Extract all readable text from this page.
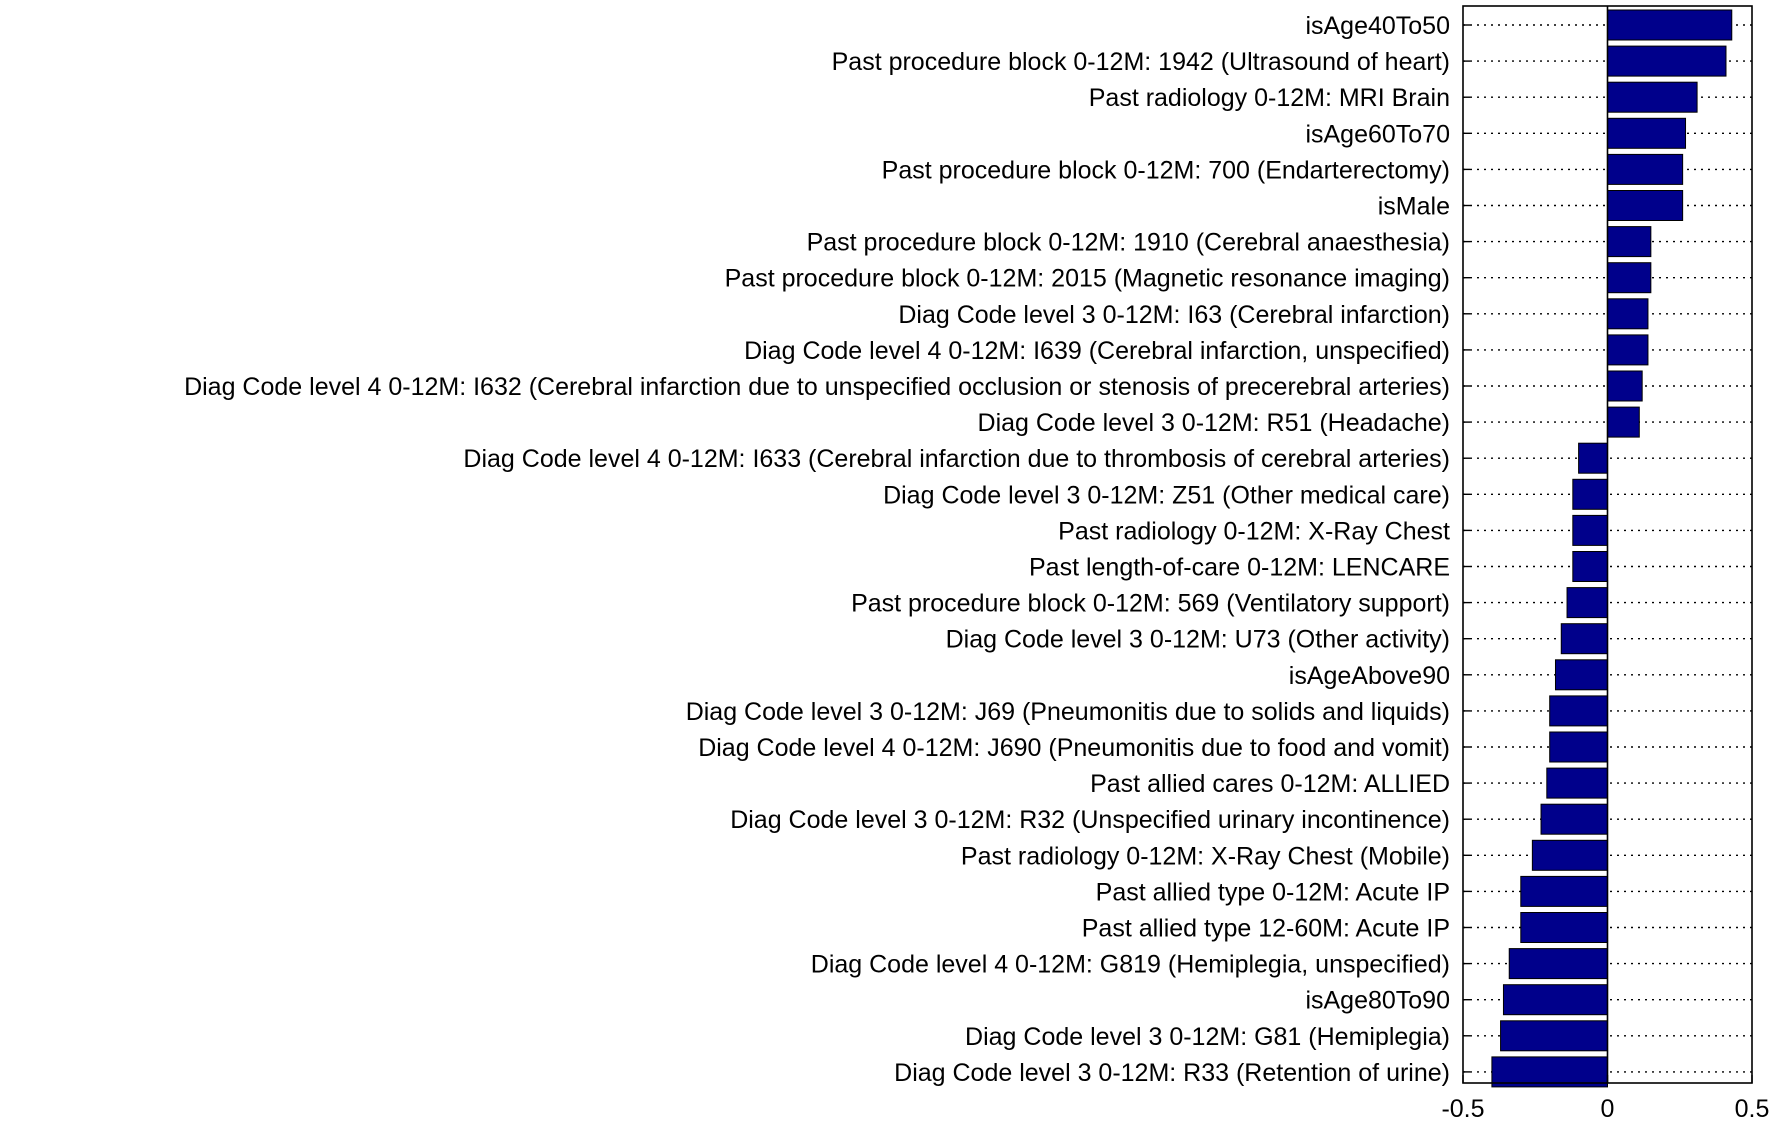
isAge40To50
Past procedure block 0-12M: 1942 (Ultrasound of heart)
Past radiology 0-12M: MRI Brain
isAge60To70
Past procedure block 0-12M: 700 (Endarterectomy)
isMale
Past procedure block 0-12M: 1910 (Cerebral anaesthesia)
Past procedure block 0-12M: 2015 (Magnetic resonance imaging)
Diag Code level 3 0-12M: I63 (Cerebral infarction)
Diag Code level 4 0-12M: I639 (Cerebral infarction, unspecified)
Diag Code level 4 0-12M: I632 (Cerebral infarction due to unspecified occlusion or stenosis of precerebral arteries)
Diag Code level 3 0-12M: R51 (Headache)
Diag Code level 4 0-12M: I633 (Cerebral infarction due to thrombosis of cerebral arteries)
Diag Code level 3 0-12M: Z51 (Other medical care)
Past radiology 0-12M: X-Ray Chest
Past length-of-care 0-12M: LENCARE
Past procedure block 0-12M: 569 (Ventilatory support)
Diag Code level 3 0-12M: U73 (Other activity)
isAgeAbove90
Diag Code level 3 0-12M: J69 (Pneumonitis due to solids and liquids)
Diag Code level 4 0-12M: J690 (Pneumonitis due to food and vomit)
Past allied cares 0-12M: ALLIED
Diag Code level 3 0-12M: R32 (Unspecified urinary incontinence)
Past radiology 0-12M: X-Ray Chest (Mobile)
Past allied type 0-12M: Acute IP
Past allied type 12-60M: Acute IP
Diag Code level 4 0-12M: G819 (Hemiplegia, unspecified)
isAge80To90
Diag Code level 3 0-12M: G81 (Hemiplegia)
Diag Code level 3 0-12M: R33 (Retention of urine)
-0.5	0	0.5
